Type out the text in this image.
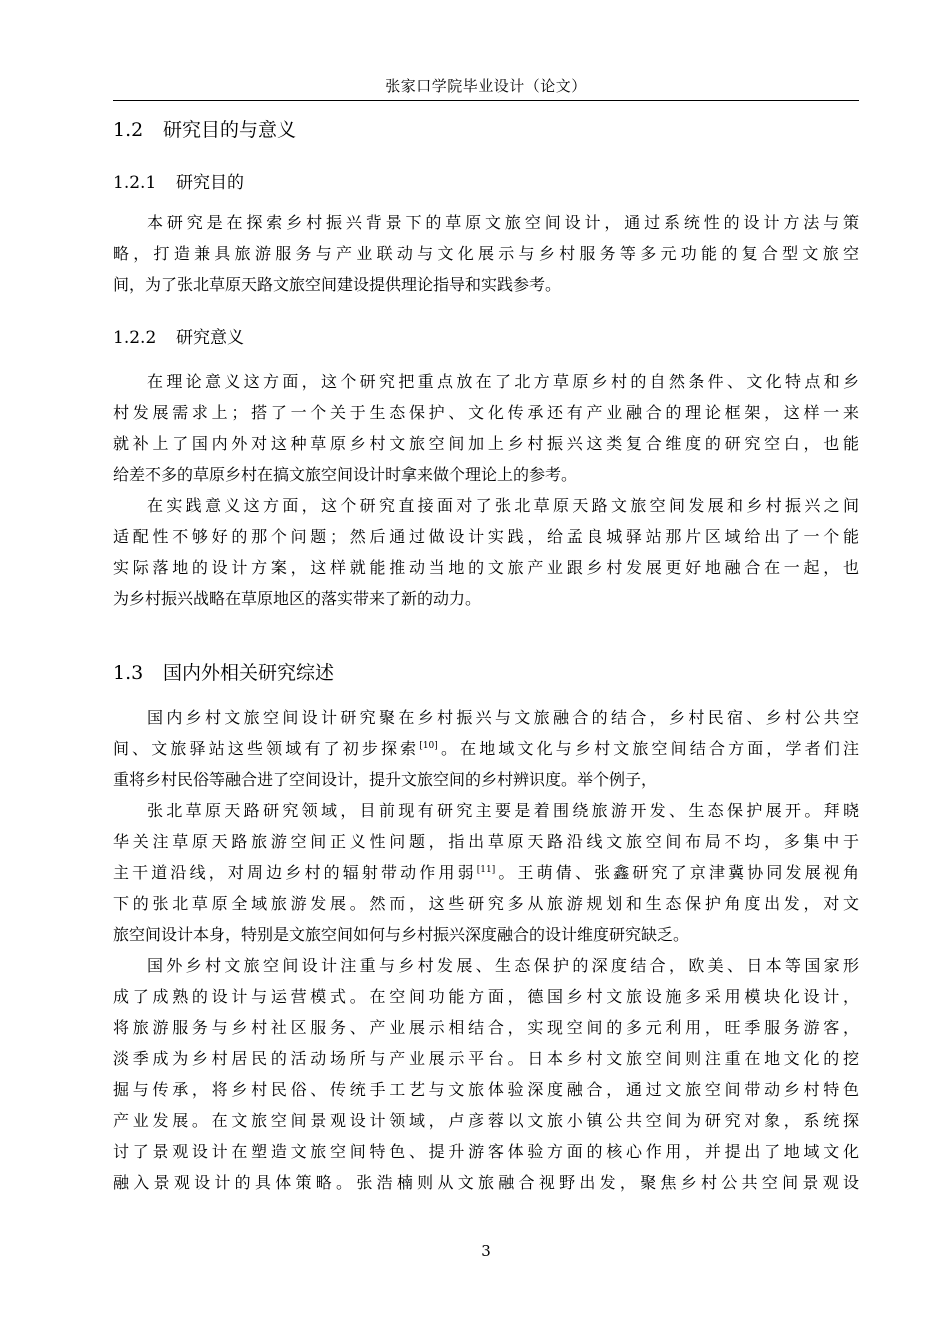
张家口学院毕业设计（论文）
1.2 研究目的与意义
1.2.1 研究目的
本研究是在探索乡村振兴背景下的草原文旅空间设计，通过系统性的设计方法与策
略，打造兼具旅游服务与产业联动与文化展示与乡村服务等多元功能的复合型文旅空
间，为了张北草原天路文旅空间建设提供理论指导和实践参考。
1.2.2 研究意义
在理论意义这方面，这个研究把重点放在了北方草原乡村的自然条件、文化特点和乡
村发展需求上；搭了一个关于生态保护、文化传承还有产业融合的理论框架，这样一来
就补上了国内外对这种草原乡村文旅空间加上乡村振兴这类复合维度的研究空白，也能
给差不多的草原乡村在搞文旅空间设计时拿来做个理论上的参考。
在实践意义这方面，这个研究直接面对了张北草原天路文旅空间发展和乡村振兴之间
适配性不够好的那个问题；然后通过做设计实践，给孟良城驿站那片区域给出了一个能
实际落地的设计方案，这样就能推动当地的文旅产业跟乡村发展更好地融合在一起，也
为乡村振兴战略在草原地区的落实带来了新的动力。
1.3 国内外相关研究综述
国内乡村文旅空间设计研究聚在乡村振兴与文旅融合的结合，乡村民宿、乡村公共空
间、文旅驿站这些领域有了初步探索[10]。在地域文化与乡村文旅空间结合方面，学者们注
重将乡村民俗等融合进了空间设计，提升文旅空间的乡村辨识度。举个例子，
张北草原天路研究领域，目前现有研究主要是着围绕旅游开发、生态保护展开。拜晓
华关注草原天路旅游空间正义性问题，指出草原天路沿线文旅空间布局不均，多集中于
主干道沿线，对周边乡村的辐射带动作用弱[11]。王萌倩、张鑫研究了京津冀协同发展视角
下的张北草原全域旅游发展。然而，这些研究多从旅游规划和生态保护角度出发，对文
旅空间设计本身，特别是文旅空间如何与乡村振兴深度融合的设计维度研究缺乏。
国外乡村文旅空间设计注重与乡村发展、生态保护的深度结合，欧美、日本等国家形
成了成熟的设计与运营模式。在空间功能方面，德国乡村文旅设施多采用模块化设计，
将旅游服务与乡村社区服务、产业展示相结合，实现空间的多元利用，旺季服务游客，
淡季成为乡村居民的活动场所与产业展示平台。日本乡村文旅空间则注重在地文化的挖
掘与传承，将乡村民俗、传统手工艺与文旅体验深度融合，通过文旅空间带动乡村特色
产业发展。在文旅空间景观设计领域，卢彦蓉以文旅小镇公共空间为研究对象，系统探
讨了景观设计在塑造文旅空间特色、提升游客体验方面的核心作用，并提出了地域文化
融入景观设计的具体策略。张浩楠则从文旅融合视野出发，聚焦乡村公共空间景观设
3
